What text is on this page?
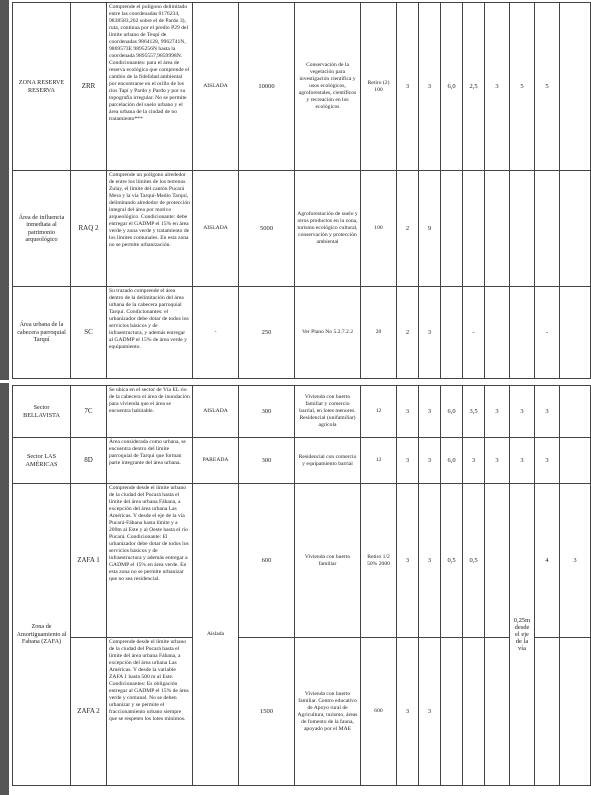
ZONA RESERVE RESERVA	ZRR	Comprende el polígono delimitado entre las coordenadas 0176234, 9838583,262 sobre el de Pardo 3), ruta, continua por el predio P29 del límite urbano de Teupí de coordenadas 9864128, 9962741N, 9869573E 9895256N hasta la coordenada 9895557,9859998N. Condicionantes: para el área de reserva ecológica que comprende el cambio de la fidelidad ambiental por encontrarse en el orillo de los ríos Tapí y Pardo y Pardo y por su topografía irregular. No se permite parcelación del suelo urbano y el área urbana de la ciudad de no tratamiento***	AISLADA	10000	Conservación de la vegetación para investigación científica y usos ecológicos, agroforestales, científicos y recreación en los ecológicos	Retiro (2) 100	3	3	6,0	2,5	3	5	5	
Área de influencia inmediata al patrimonio arqueológico	RAQ 2	Comprende un polígono alrededor de entre los límites de los terrenos Zulay, el límite del cantón Pucará Mera y la vía Tarquí-Medio Tarquí, delimitando alrededor de protección integral del área por motivo arqueológico. Condicionante: debe entregar el GADMP el 15% en área verde y zona verde y tratamiento de los límites comunales. En esta zona no se permite urbanización.	AISLADA	5000	Agroforestación de suelo y otros productos en la zona, turismo ecológico cultural, conservación y protección ambiental	100	2	9						
Área urbana de la cabecera parroquial Tarquí	SC	Su trazado comprende el área dentro de la delimitación del área urbana de la cabecera parroquial Tarquí. Condicionantes: el urbanizador debe dotar de todos los servicios básicos y de infraestructura, y además entregar al GADMP el 15% de área verde y equipamiento.	-	250	Ver Plano No 5.2.7.2.2	20	2	3		-			-	
Sector BELLAVISTA	7C	Se ubica en el sector de Vía EL rio de la cabecera el área de inundación para vivienda que el área se encuentra habitable.	AISLADA	300	Vivienda con huerto familiar y comercio barrial, en lotes menores. Residencial (unifamiliar) agrícola	12	3	3	6,0	3,5	3	3	3	
Sector LAS AMÉRICAS	8D	Área considerada como urbana, se encuentra dentro del límite parroquial de Tarquí que forman parte integrante del área urbana.	PAREADA	300	Residencial con comercio y equipamiento barrial	12	3	3	6,0	3	3	3	3	
Zona de Amortiguamiento al Fabana (ZAFA)	ZAFA 1	Comprende desde el límite urbano de la ciudad del Pucará hasta el límite del área urbana Fábana, a excepción del área urbana Las Américas. Y desde el eje de la vía Pucará-Fábana hasta límite y a 200m al Este y al Oeste hasta el río Pucará. Condicionante: El urbanizador debe dotar de todos los servicios básicos y de infraestructura y además entregar a GADMP el 15% en área verde. En esta zona no se permite urbanizar que no sea residencial.	Aislada	600	Vivienda con huerto familiar	Retiro 1/2 50% 2000	3	3	0,5	0,5		0,25m desde el eje de la vía	4	3
	ZAFA 2	Comprende desde el límite urbano de la ciudad del Pucará hasta el límite del área urbana Fábana, a excepción del área urbana Las Américas. Y desde la variable ZAFA 1 hasta 500 m al Este. Condicionantes: Es obligación entregar al GADMP el 15% de área verde y comunal. No se deben urbanizar y se permite el fraccionamiento urbano siempre que se respeten los lotes mínimos.		1500	Vivienda con huerto familiar. Centro educativo de Apoyo rural de Agricultura, turismo, áreas de fomento de la fauna, apoyado por el MAE	600	3	3						
